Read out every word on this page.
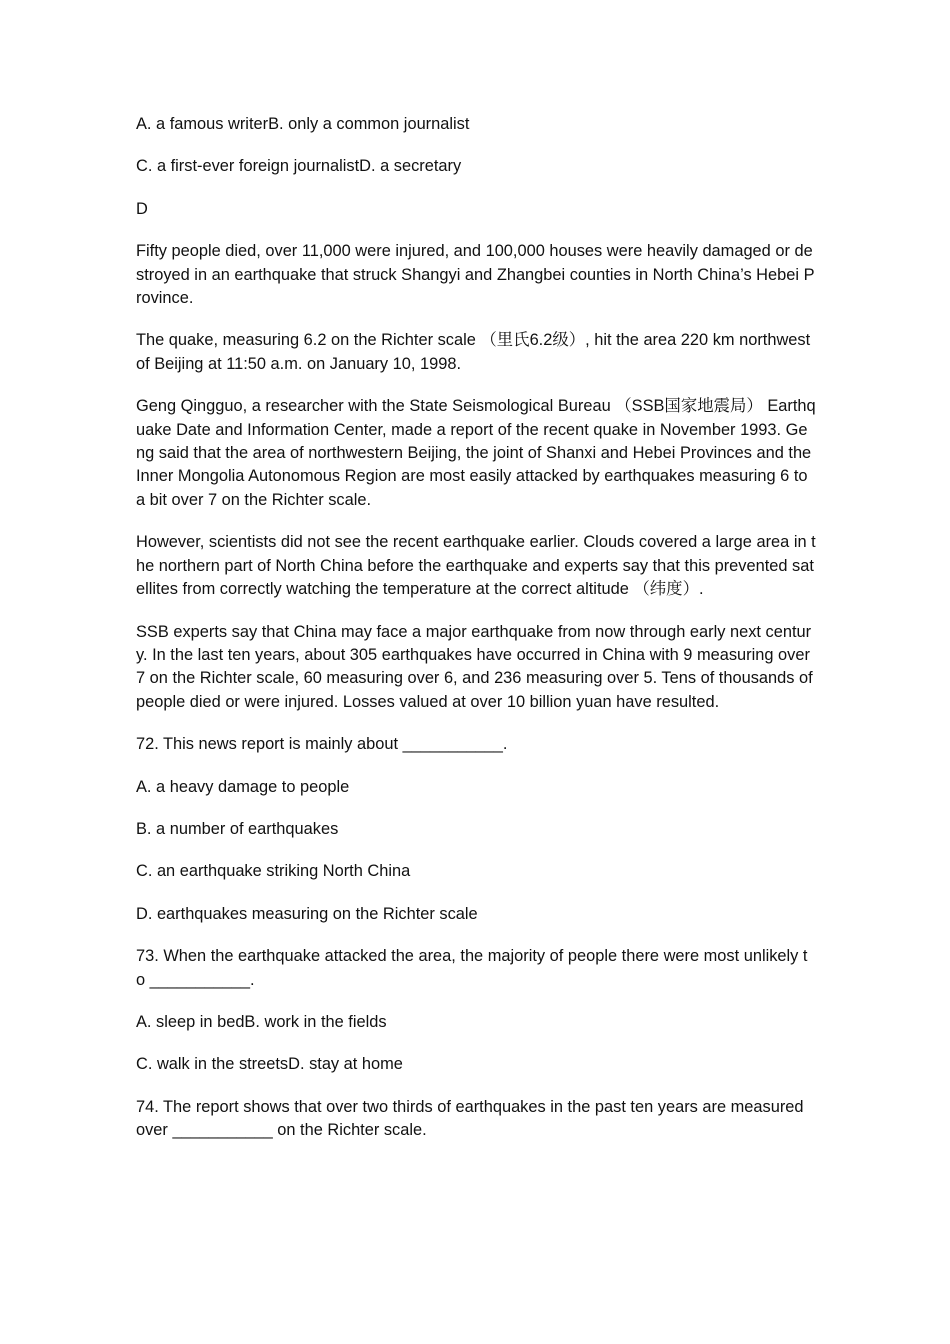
A. a famous writerB. only a common journalist

C. a first-ever foreign journalistD. a secretary

D

Fifty people died, over 11,000 were injured, and 100,000 houses were heavily damaged or destroyed in an earthquake that struck Shangyi and Zhangbei counties in North China’s Hebei Province.

The quake, measuring 6.2 on the Richter scale （里氏6.2级）, hit the area 220 km northwest of Beijing at 11:50 a.m. on January 10, 1998.

Geng Qingguo, a researcher with the State Seismological Bureau （SSB国家地震局） Earthquake Date and Information Center, made a report of the recent quake in November 1993. Geng said that the area of northwestern Beijing, the joint of Shanxi and Hebei Provinces and the Inner Mongolia Autonomous Region are most easily attacked by earthquakes measuring 6 to a bit over 7 on the Richter scale.

However, scientists did not see the recent earthquake earlier. Clouds covered a large area in the northern part of North China before the earthquake and experts say that this prevented satellites from correctly watching the temperature at the correct altitude （纬度）.

SSB experts say that China may face a major earthquake from now through early next century. In the last ten years, about 305 earthquakes have occurred in China with 9 measuring over 7 on the Richter scale, 60 measuring over 6, and 236 measuring over 5. Tens of thousands of people died or were injured. Losses valued at over 10 billion yuan have resulted.

72. This news report is mainly about ___________.

A. a heavy damage to people

B. a number of earthquakes

C. an earthquake striking North China

D. earthquakes measuring on the Richter scale

73. When the earthquake attacked the area, the majority of people there were most unlikely to ___________.

A. sleep in bedB. work in the fields

C. walk in the streetsD. stay at home

74. The report shows that over two thirds of earthquakes in the past ten years are measured over ___________ on the Richter scale.
